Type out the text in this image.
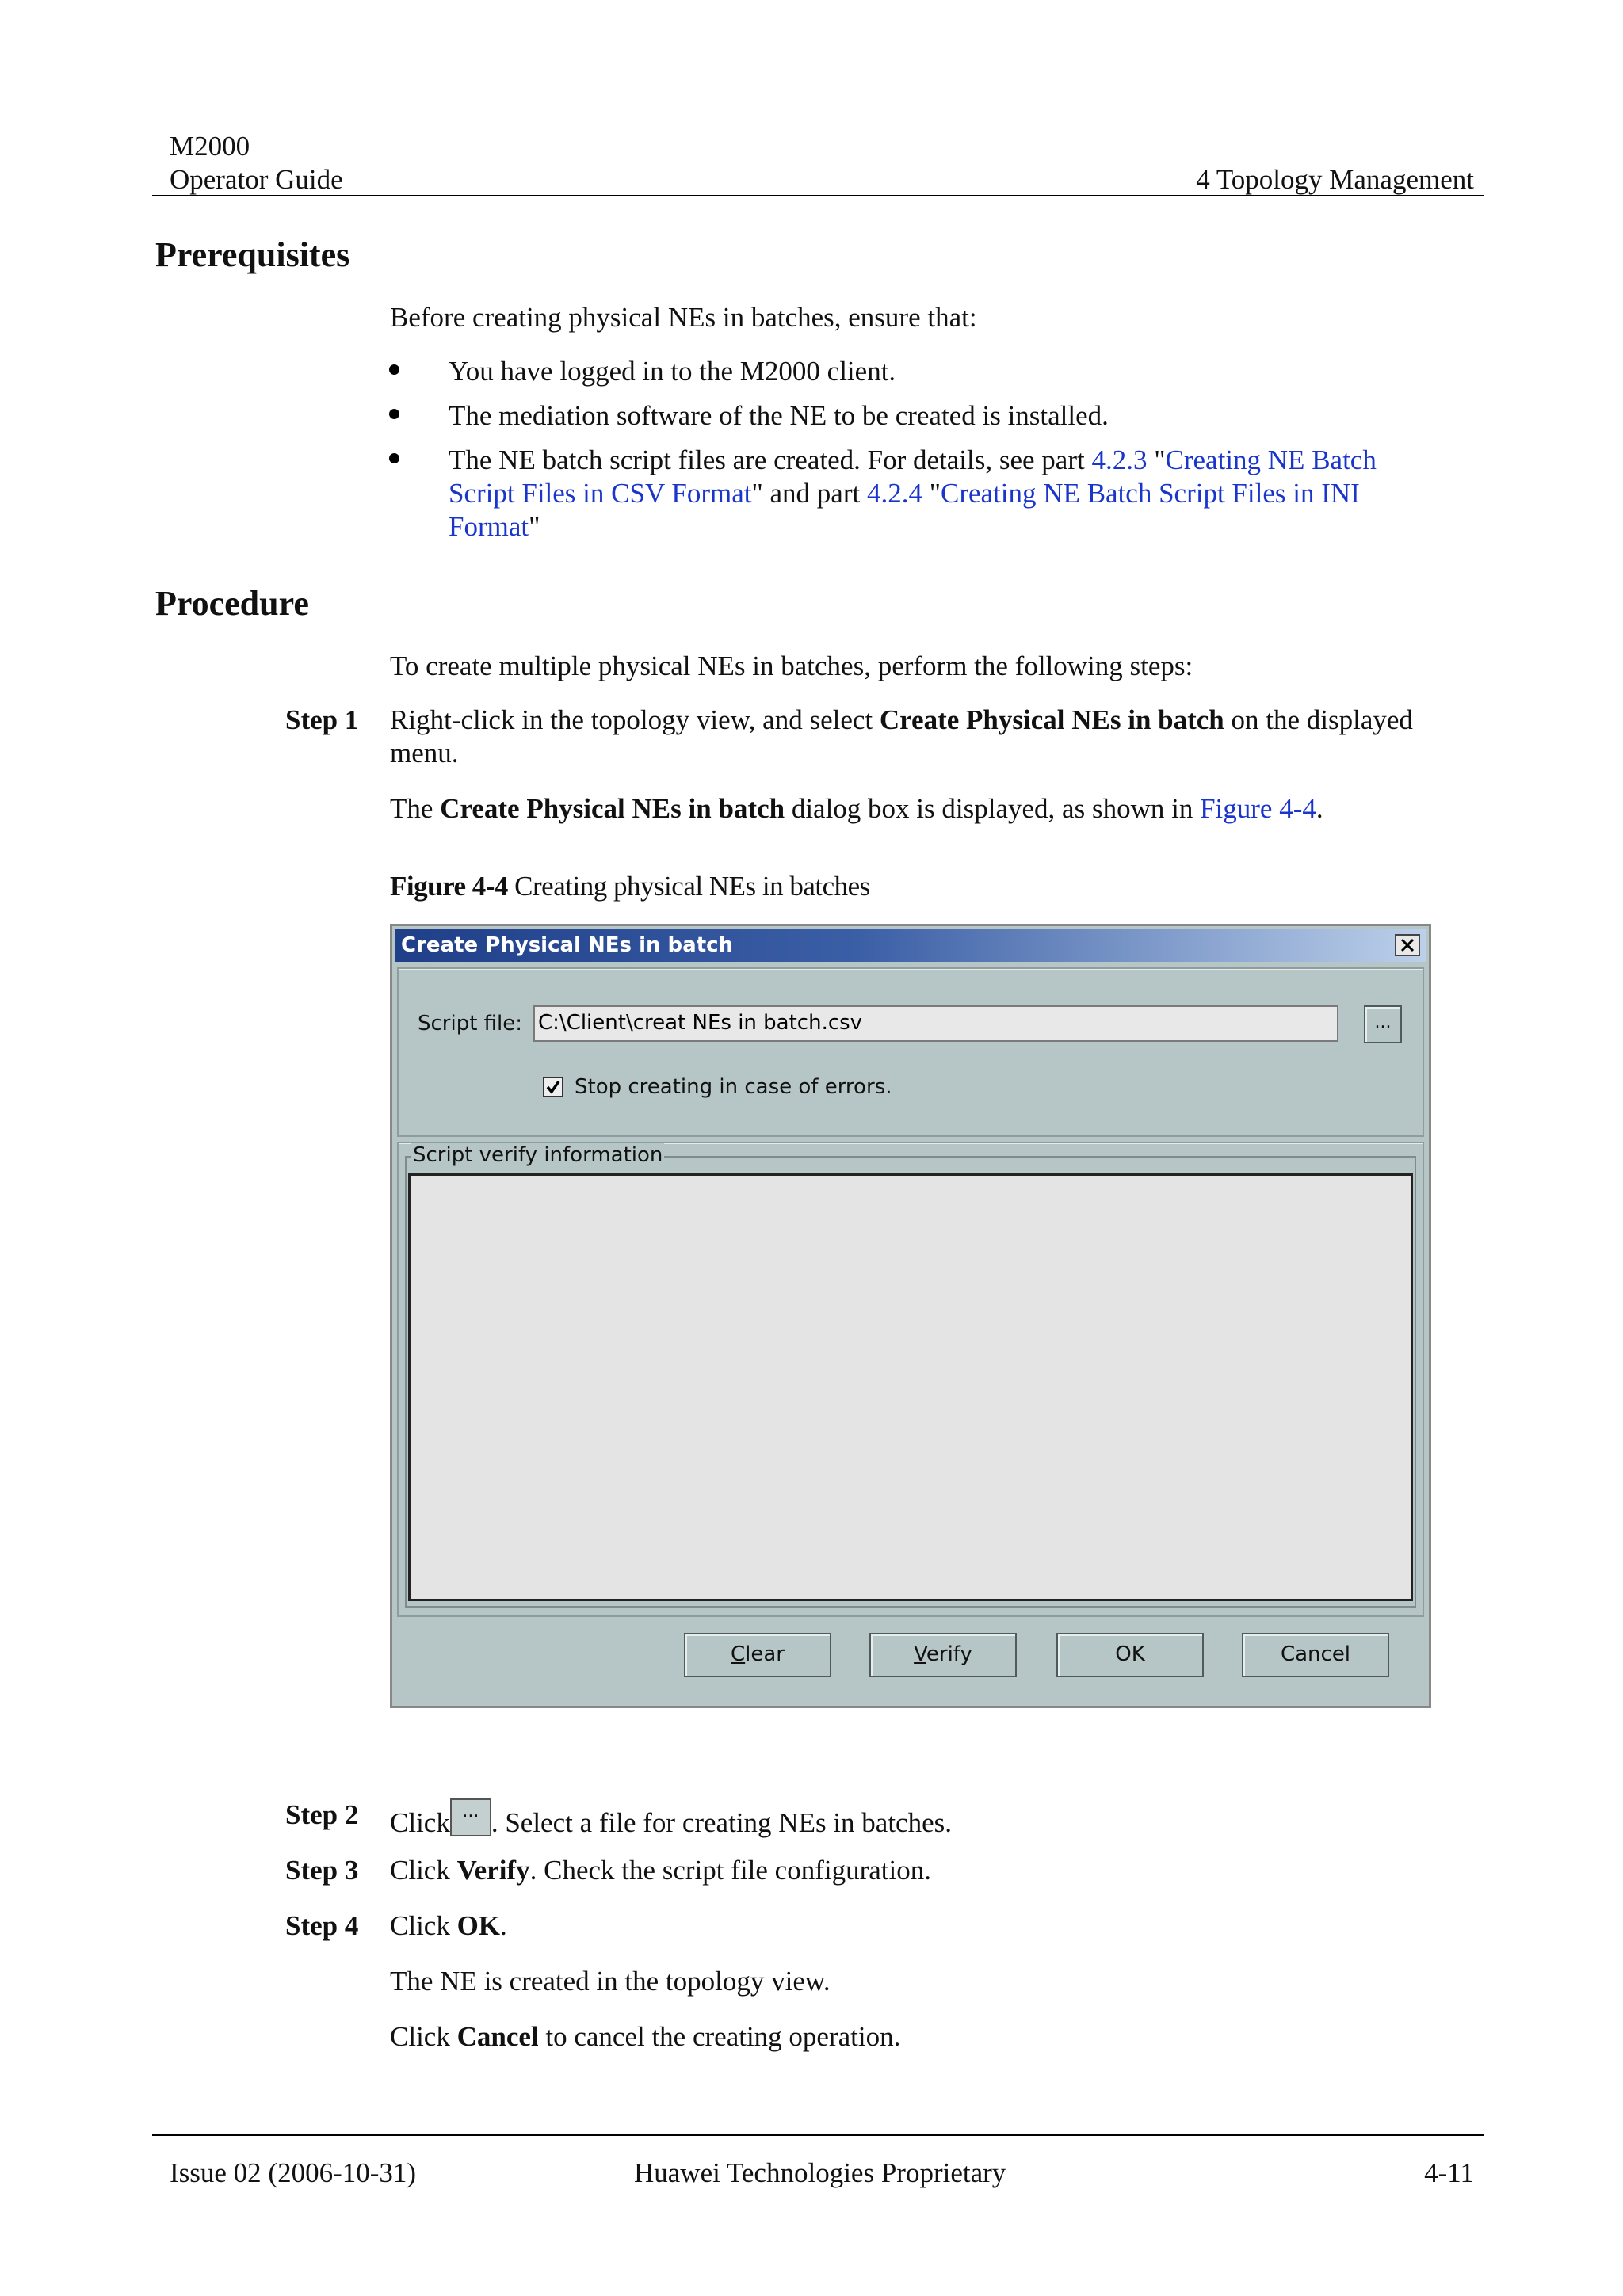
M2000
Operator Guide	4 Topology Management
Prerequisites
Before creating physical NEs in batches, ensure that:
You have logged in to the M2000 client.
The mediation software of the NE to be created is installed.
The NE batch script files are created. For details, see part 4.2.3 "Creating NE Batch
Script Files in CSV Format" and part 4.2.4 "Creating NE Batch Script Files in INI
Format"
Procedure
To create multiple physical NEs in batches, perform the following steps:
Step 1 Right-click in the topology view, and select Create Physical NEs in batch on the displayed
menu.
The Create Physical NEs in batch dialog box is displayed, as shown in Figure 4-4.
Figure 4-4 Creating physical NEs in batches
Create Physical NEs in batch
Script file: C:\Client\creat NEs in batch.csv	...
Stop creating in case of errors.
Script verify information
Clear	Verify	OK	Cancel
Step 2 Click ... . Select a file for creating NEs in batches.
Step 3 Click Verify. Check the script file configuration.
Step 4 Click OK.
The NE is created in the topology view.
Click Cancel to cancel the creating operation.
Issue 02 (2006-10-31)	Huawei Technologies Proprietary	4-11
